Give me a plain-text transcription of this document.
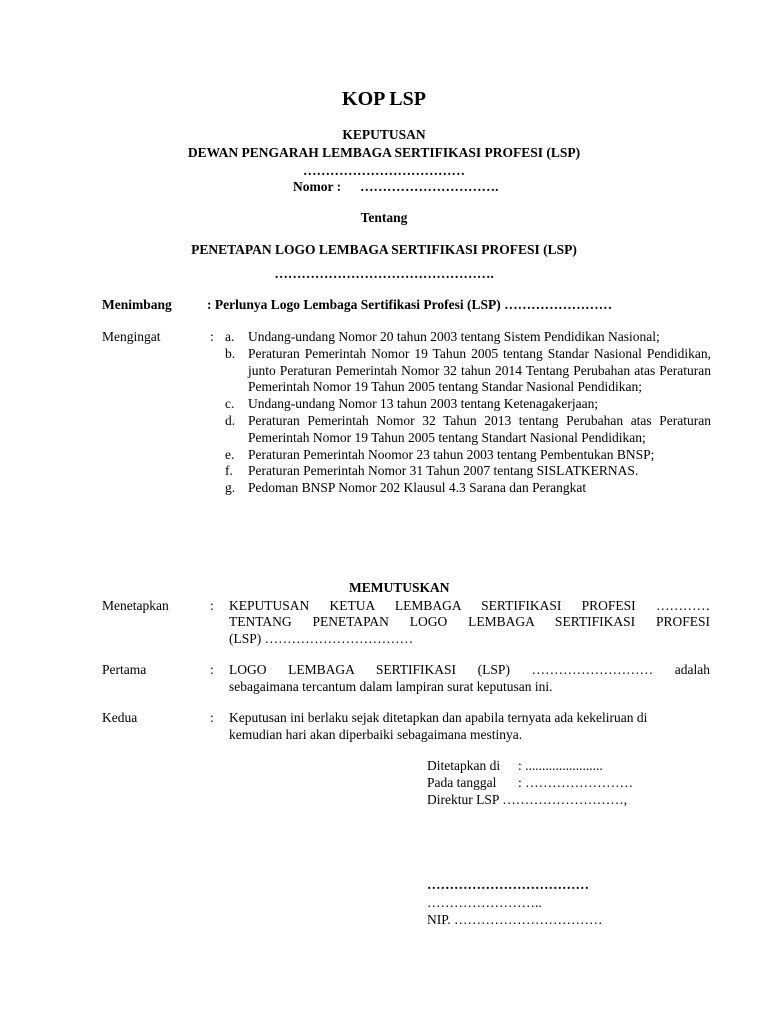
KOP LSP
KEPUTUSAN
DEWAN PENGARAH LEMBAGA SERTIFIKASI PROFESI (LSP)
………………………………
Nomor : ………………………….
Tentang
PENETAPAN LOGO LEMBAGA SERTIFIKASI PROFESI (LSP)
………………………………………….
Menimbang	: Perlunya Logo Lembaga Sertifikasi Profesi (LSP) ……………………
Mengingat	: a.	Undang-undang Nomor 20 tahun 2003 tentang Sistem Pendidikan Nasional;
b. Peraturan Pemerintah Nomor 19 Tahun 2005 tentang Standar Nasional Pendidikan, junto Peraturan Pemerintah Nomor 32 tahun 2014 Tentang Perubahan atas Peraturan Pemerintah Nomor 19 Tahun 2005 tentang Standar Nasional Pendidikan;
c.	Undang-undang Nomor 13 tahun 2003 tentang Ketenagakerjaan;
d. Peraturan Pemerintah Nomor 32 Tahun 2013 tentang Perubahan atas Peraturan Pemerintah Nomor 19 Tahun 2005 tentang Standart Nasional Pendidikan;
e.	Peraturan Pemerintah Noomor 23 tahun 2003 tentang Pembentukan BNSP;
f.	Peraturan Pemerintah Nomor 31 Tahun 2007 tentang SISLATKERNAS.
g. Pedoman BNSP Nomor 202 Klausul 4.3 Sarana dan Perangkat
MEMUTUSKAN
Menetapkan	: KEPUTUSAN KETUA LEMBAGA SERTIFIKASI PROFESI …………
TENTANG PENETAPAN LOGO LEMBAGA SERTIFIKASI PROFESI
(LSP) ……………………………
Pertama	: LOGO LEMBAGA SERTIFIKASI (LSP) ……………………… adalah
sebagaimana tercantum dalam lampiran surat keputusan ini.
Kedua	: Keputusan ini berlaku sejak ditetapkan dan apabila ternyata ada kekeliruan di
kemudian hari akan diperbaiki sebagaimana mestinya.
Ditetapkan di : .......................
Pada tanggal : ……………………
Direktur LSP ………………………,
………………………………
……………………..
NIP. ……………………………
